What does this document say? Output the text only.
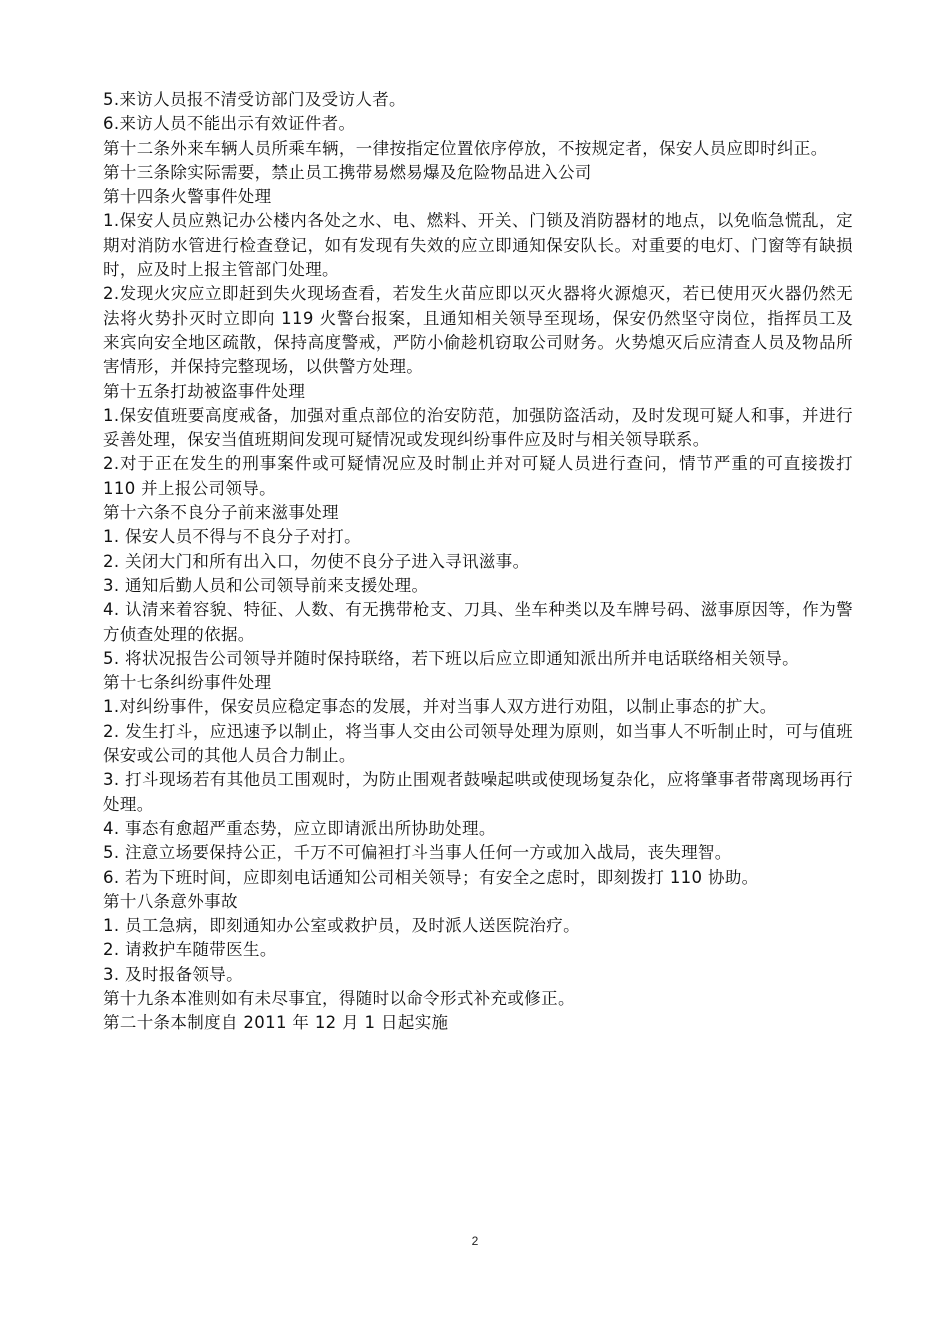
5.来访人员报不清受访部门及受访人者。

6.来访人员不能出示有效证件者。

第十二条外来车辆人员所乘车辆，一律按指定位置依序停放，不按规定者，保安人员应即时纠正。

第十三条除实际需要，禁止员工携带易燃易爆及危险物品进入公司

第十四条火警事件处理

1.保安人员应熟记办公楼内各处之水、电、燃料、开关、门锁及消防器材的地点，以免临急慌乱，定期对消防水管进行检查登记，如有发现有失效的应立即通知保安队长。对重要的电灯、门窗等有缺损时，应及时上报主管部门处理。

2.发现火灾应立即赶到失火现场查看，若发生火苗应即以灭火器将火源熄灭，若已使用灭火器仍然无法将火势扑灭时立即向 119 火警台报案，且通知相关领导至现场，保安仍然坚守岗位，指挥员工及来宾向安全地区疏散，保持高度警戒，严防小偷趁机窃取公司财务。火势熄灭后应清查人员及物品所害情形，并保持完整现场，以供警方处理。

第十五条打劫被盗事件处理

1.保安值班要高度戒备，加强对重点部位的治安防范，加强防盗活动，及时发现可疑人和事，并进行妥善处理，保安当值班期间发现可疑情况或发现纠纷事件应及时与相关领导联系。

2.对于正在发生的刑事案件或可疑情况应及时制止并对可疑人员进行查问，情节严重的可直接拨打 110 并上报公司领导。

第十六条不良分子前来滋事处理

1. 保安人员不得与不良分子对打。

2. 关闭大门和所有出入口，勿使不良分子进入寻讯滋事。

3. 通知后勤人员和公司领导前来支援处理。

4. 认清来着容貌、特征、人数、有无携带枪支、刀具、坐车种类以及车牌号码、滋事原因等，作为警方侦查处理的依据。

5. 将状况报告公司领导并随时保持联络，若下班以后应立即通知派出所并电话联络相关领导。

第十七条纠纷事件处理

1.对纠纷事件，保安员应稳定事态的发展，并对当事人双方进行劝阻，以制止事态的扩大。

2. 发生打斗，应迅速予以制止，将当事人交由公司领导处理为原则，如当事人不听制止时，可与值班保安或公司的其他人员合力制止。

3. 打斗现场若有其他员工围观时，为防止围观者鼓噪起哄或使现场复杂化，应将肇事者带离现场再行处理。

4. 事态有愈超严重态势，应立即请派出所协助处理。

5. 注意立场要保持公正，千万不可偏袒打斗当事人任何一方或加入战局，丧失理智。

6. 若为下班时间，应即刻电话通知公司相关领导；有安全之虑时，即刻拨打 110 协助。

第十八条意外事故

1. 员工急病，即刻通知办公室或救护员，及时派人送医院治疗。

2. 请救护车随带医生。

3. 及时报备领导。

第十九条本准则如有未尽事宜，得随时以命令形式补充或修正。

第二十条本制度自 2011 年 12 月 1 日起实施

2
